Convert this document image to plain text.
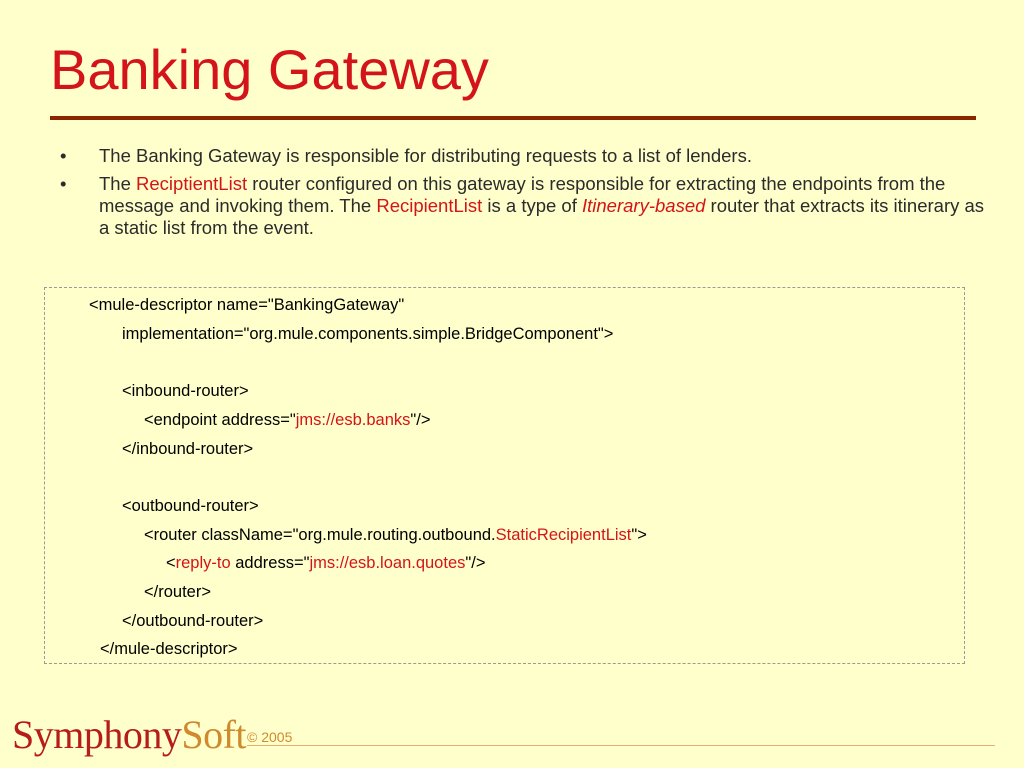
Banking Gateway
• The Banking Gateway is responsible for distributing requests to a list of lenders.
• The ReciptientList router configured on this gateway is responsible for extracting the endpoints from the message and invoking them. The RecipientList is a type of Itinerary-based router that extracts its itinerary as a static list from the event.
<mule-descriptor name="BankingGateway"
implementation="org.mule.components.simple.BridgeComponent">
<inbound-router>
<endpoint address="jms://esb.banks"/>
</inbound-router>
<outbound-router>
<router className="org.mule.routing.outbound.StaticRecipientList">
<reply-to address="jms://esb.loan.quotes"/>
</router>
</outbound-router>
</mule-descriptor>
SymphonySoft © 2005
